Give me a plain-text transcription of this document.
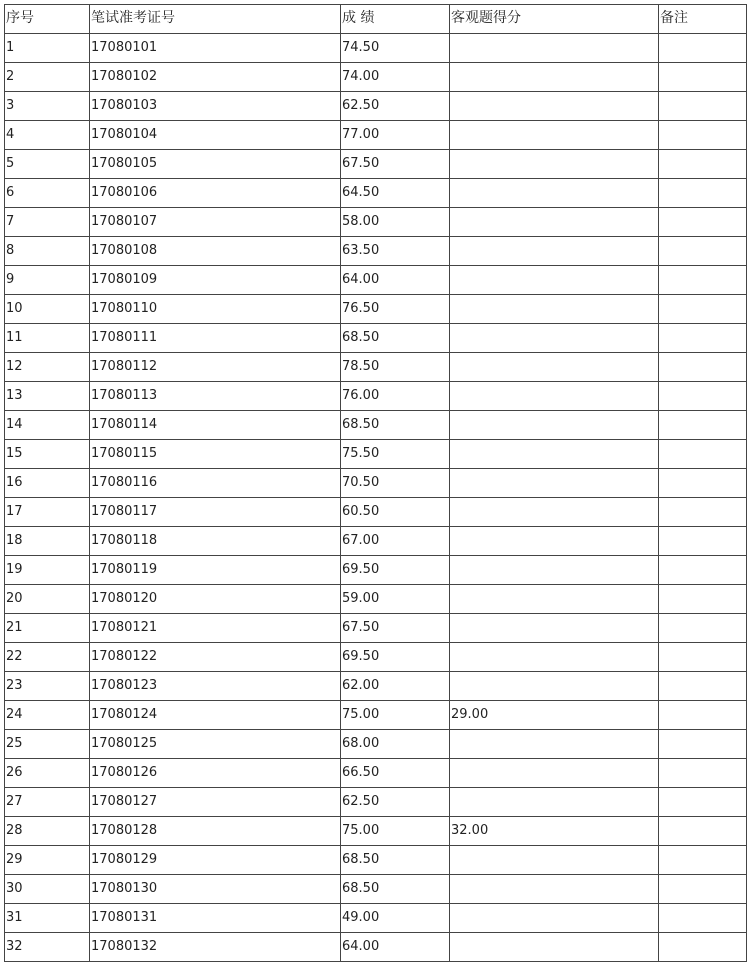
序号	笔试准考证号	成 绩	客观题得分	备注
1	17080101	74.50		
2	17080102	74.00		
3	17080103	62.50		
4	17080104	77.00		
5	17080105	67.50		
6	17080106	64.50		
7	17080107	58.00		
8	17080108	63.50		
9	17080109	64.00		
10	17080110	76.50		
11	17080111	68.50		
12	17080112	78.50		
13	17080113	76.00		
14	17080114	68.50		
15	17080115	75.50		
16	17080116	70.50		
17	17080117	60.50		
18	17080118	67.00		
19	17080119	69.50		
20	17080120	59.00		
21	17080121	67.50		
22	17080122	69.50		
23	17080123	62.00		
24	17080124	75.00	29.00	
25	17080125	68.00		
26	17080126	66.50		
27	17080127	62.50		
28	17080128	75.00	32.00	
29	17080129	68.50		
30	17080130	68.50		
31	17080131	49.00		
32	17080132	64.00		
